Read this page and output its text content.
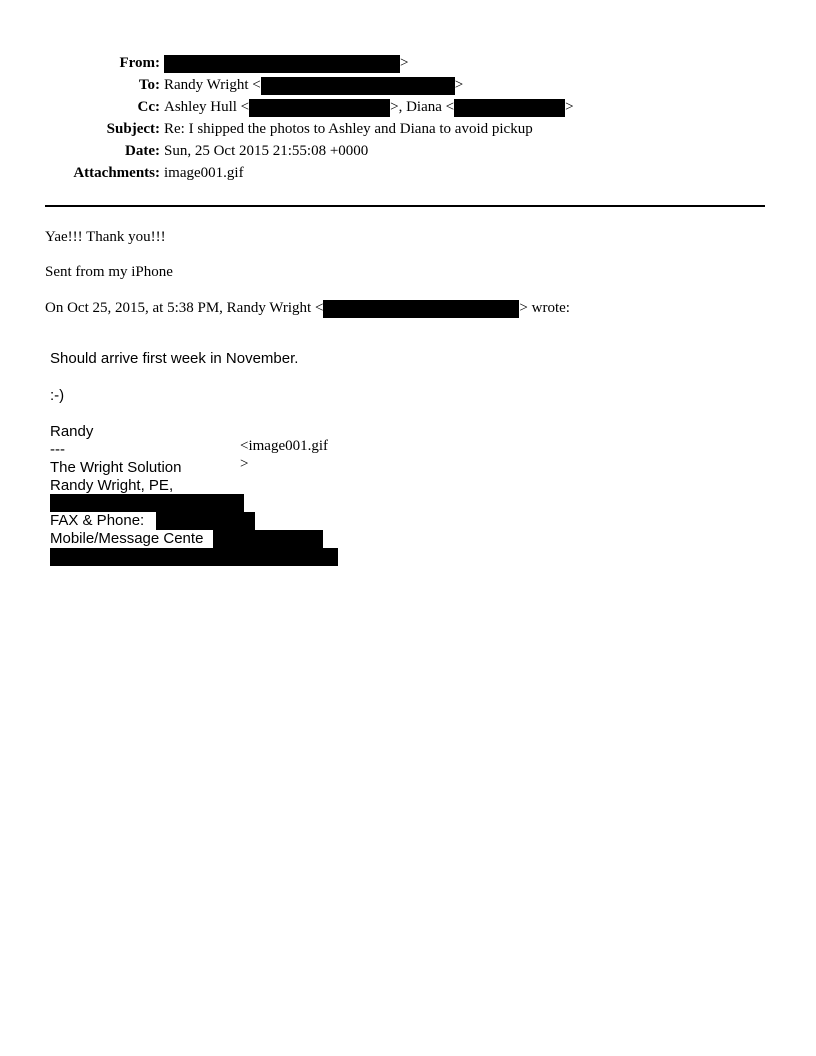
From:	>
To: Randy Wright <	>
Cc: Ashley Hull <	>, Diana <	>
Subject: Re: I shipped the photos to Ashley and Diana to avoid pickup
Date: Sun, 25 Oct 2015 21:55:08 +0000
Attachments: image001.gif
Yae!!! Thank you!!!
Sent from my iPhone
On Oct 25, 2015, at 5:38 PM, Randy Wright <	> wrote:
Should arrive first week in November.
:-)
Randy
---
The Wright Solution
Randy Wright, PE,
FAX & Phone:
Mobile/Message Cente
<image001.gif
>
